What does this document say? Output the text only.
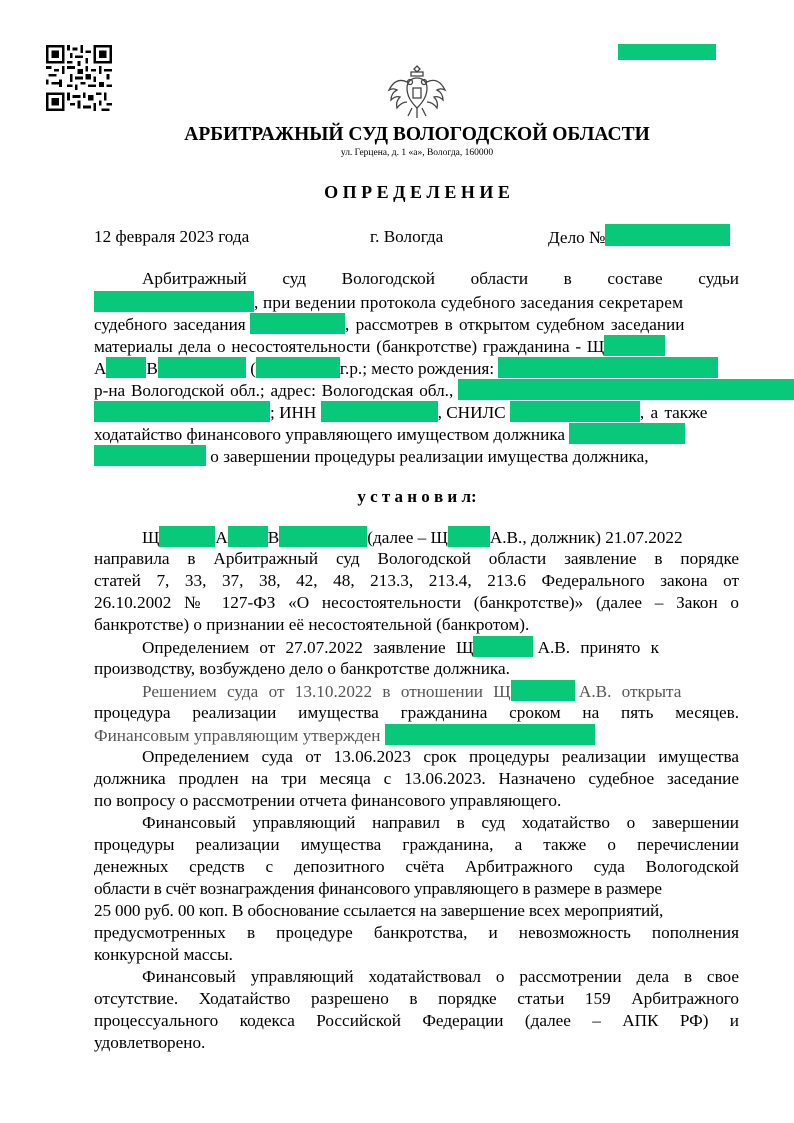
АРБИТРАЖНЫЙ СУД ВОЛОГОДСКОЙ ОБЛАСТИ
ул. Герцена, д. 1 «а», Вологда, 160000
О П Р Е Д Е Л Е Н И Е
12 февраля 2023 года	г. Вологда	Дело №
Арбитражный суд Вологодской области в составе судьи
, при ведении протокола судебного заседания секретарем
судебного заседания	, рассмотрев в открытом судебном заседании
материалы дела о несостоятельности (банкротстве) гражданина - Щ
А В	(	г.р.; место рождения:
р-на Вологодской обл.; адрес: Вологодская обл.,
; ИНН	, СНИЛС	, а также
ходатайство финансового управляющего имуществом должника
о завершении процедуры реализации имущества должника,
у с т а н о в и л:
Щ	А В	(далее – Щ А.В., должник) 21.07.2022
направила в Арбитражный суд Вологодской области заявление в порядке
статей 7, 33, 37, 38, 42, 48, 213.3, 213.4, 213.6 Федерального закона от
26.10.2002 № 127-ФЗ «О несостоятельности (банкротстве)» (далее – Закон о
банкротстве) о признании её несостоятельной (банкротом).
Определением от 27.07.2022 заявление Щ	А.В. принято к
производству, возбуждено дело о банкротстве должника.
Решением суда от 13.10.2022 в отношении Щ	А.В. открыта
процедура реализации имущества гражданина сроком на пять месяцев.
Финансовым управляющим утвержден
Определением суда от 13.06.2023 срок процедуры реализации имущества
должника продлен на три месяца с 13.06.2023. Назначено судебное заседание
по вопросу о рассмотрении отчета финансового управляющего.
Финансовый управляющий направил в суд ходатайство о завершении
процедуры реализации имущества гражданина, а также о перечислении
денежных средств с депозитного счёта Арбитражного суда Вологодской
области в счёт вознаграждения финансового управляющего в размере в размере
25 000 руб. 00 коп. В обоснование ссылается на завершение всех мероприятий,
предусмотренных в процедуре банкротства, и невозможность пополнения
конкурсной массы.
Финансовый управляющий ходатайствовал о рассмотрении дела в свое
отсутствие. Ходатайство разрешено в порядке статьи 159 Арбитражного
процессуального кодекса Российской Федерации (далее – АПК РФ) и
удовлетворено.
